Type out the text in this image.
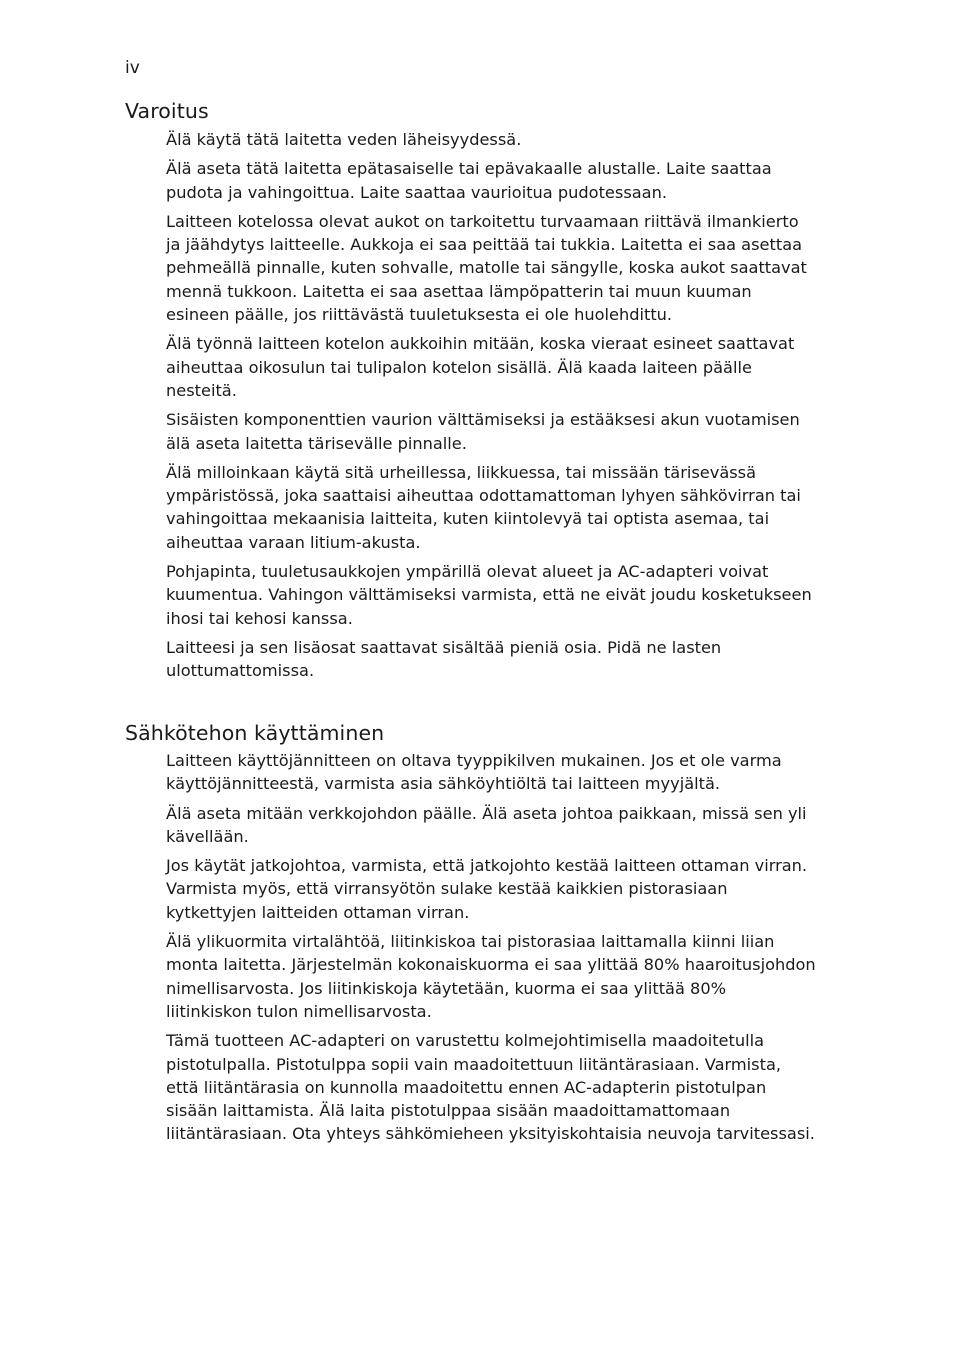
iv
Varoitus

Älä käytä tätä laitetta veden läheisyydessä.

Älä aseta tätä laitetta epätasaiselle tai epävakaalle alustalle. Laite saattaa pudota ja vahingoittua. Laite saattaa vaurioitua pudotessaan.

Laitteen kotelossa olevat aukot on tarkoitettu turvaamaan riittävä ilmankierto ja jäähdytys laitteelle. Aukkoja ei saa peittää tai tukkia. Laitetta ei saa asettaa pehmeällä pinnalle, kuten sohvalle, matolle tai sängylle, koska aukot saattavat mennä tukkoon. Laitetta ei saa asettaa lämpöpatterin tai muun kuuman esineen päälle, jos riittävästä tuuletuksesta ei ole huolehdittu.

Älä työnnä laitteen kotelon aukkoihin mitään, koska vieraat esineet saattavat aiheuttaa oikosulun tai tulipalon kotelon sisällä. Älä kaada laiteen päälle nesteitä.

Sisäisten komponenttien vaurion välttämiseksi ja estääksesi akun vuotamisen älä aseta laitetta tärisevälle pinnalle.

Älä milloinkaan käytä sitä urheillessa, liikkuessa, tai missään tärisevässä ympäristössä, joka saattaisi aiheuttaa odottamattoman lyhyen sähkövirran tai vahingoittaa mekaanisia laitteita, kuten kiintolevyä tai optista asemaa, tai aiheuttaa varaan litium-akusta.

Pohjapinta, tuuletusaukkojen ympärillä olevat alueet ja AC-adapteri voivat kuumentua. Vahingon välttämiseksi varmista, että ne eivät joudu kosketukseen ihosi tai kehosi kanssa.

Laitteesi ja sen lisäosat saattavat sisältää pieniä osia. Pidä ne lasten ulottumattomissa.

Sähkötehon käyttäminen

Laitteen käyttöjännitteen on oltava tyyppikilven mukainen. Jos et ole varma käyttöjännitteestä, varmista asia sähköyhtiöltä tai laitteen myyjältä.

Älä aseta mitään verkkojohdon päälle. Älä aseta johtoa paikkaan, missä sen yli kävellään.

Jos käytät jatkojohtoa, varmista, että jatkojohto kestää laitteen ottaman virran. Varmista myös, että virransyötön sulake kestää kaikkien pistorasiaan kytkettyjen laitteiden ottaman virran.

Älä ylikuormita virtalähtöä, liitinkiskoa tai pistorasiaa laittamalla kiinni liian monta laitetta. Järjestelmän kokonaiskuorma ei saa ylittää 80% haaroitusjohdon nimellisarvosta. Jos liitinkiskoja käytetään, kuorma ei saa ylittää 80% liitinkiskon tulon nimellisarvosta.

Tämä tuotteen AC-adapteri on varustettu kolmejohtimisella maadoitetulla pistotulpalla. Pistotulppa sopii vain maadoitettuun liitäntärasiaan. Varmista, että liitäntärasia on kunnolla maadoitettu ennen AC-adapterin pistotulpan sisään laittamista. Älä laita pistotulppaa sisään maadoittamattomaan liitäntärasiaan. Ota yhteys sähkömieheen yksityiskohtaisia neuvoja tarvitessasi.
